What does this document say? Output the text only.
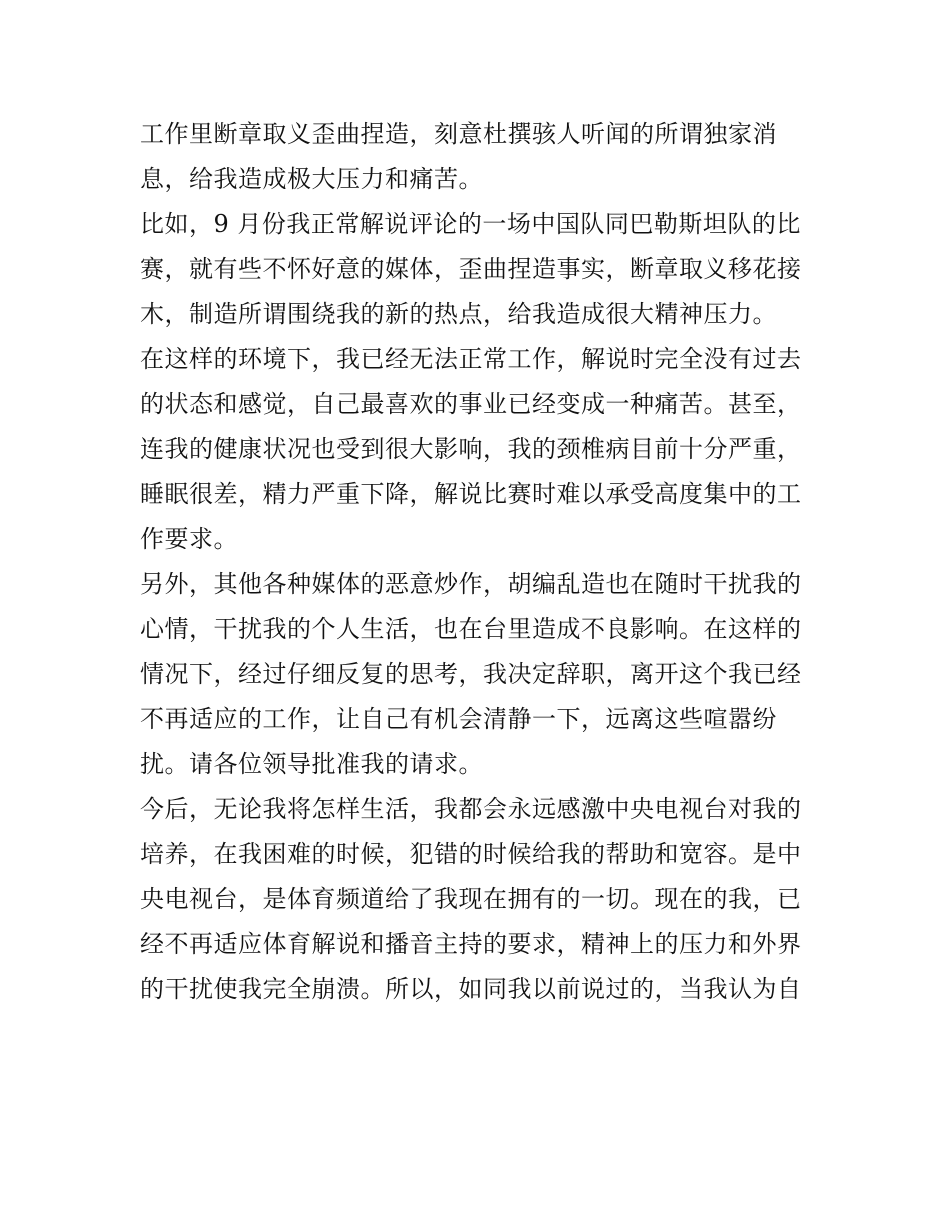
工作里断章取义歪曲捏造，刻意杜撰骇人听闻的所谓独家消
息，给我造成极大压力和痛苦。
比如，9 月份我正常解说评论的一场中国队同巴勒斯坦队的比
赛，就有些不怀好意的媒体，歪曲捏造事实，断章取义移花接
木，制造所谓围绕我的新的热点，给我造成很大精神压力。
在这样的环境下，我已经无法正常工作，解说时完全没有过去
的状态和感觉，自己最喜欢的事业已经变成一种痛苦。甚至，
连我的健康状况也受到很大影响，我的颈椎病目前十分严重，
睡眠很差，精力严重下降，解说比赛时难以承受高度集中的工
作要求。
另外，其他各种媒体的恶意炒作，胡编乱造也在随时干扰我的
心情，干扰我的个人生活，也在台里造成不良影响。在这样的
情况下，经过仔细反复的思考，我决定辞职，离开这个我已经
不再适应的工作，让自己有机会清静一下，远离这些喧嚣纷
扰。请各位领导批准我的请求。
今后，无论我将怎样生活，我都会永远感激中央电视台对我的
培养，在我困难的时候，犯错的时候给我的帮助和宽容。是中
央电视台，是体育频道给了我现在拥有的一切。现在的我，已
经不再适应体育解说和播音主持的要求，精神上的压力和外界
的干扰使我完全崩溃。所以，如同我以前说过的，当我认为自
